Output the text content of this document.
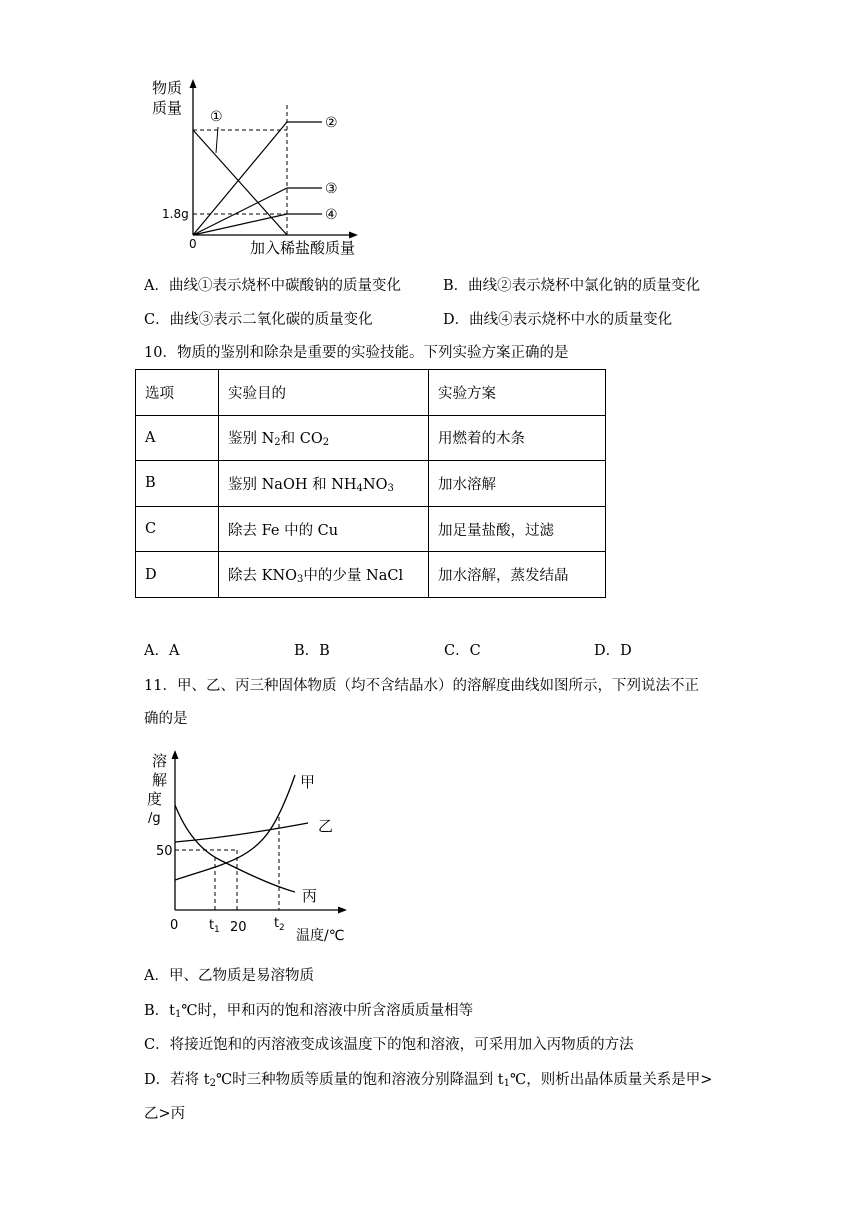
物质
质量
加入稀盐酸质量
0
1.8g
①	②
③
④
A．曲线①表示烧杯中碳酸钠的质量变化	B．曲线②表示烧杯中氯化钠的质量变化
C．曲线③表示二氧化碳的质量变化	D．曲线④表示烧杯中水的质量变化
10．物质的鉴别和除杂是重要的实验技能。下列实验方案正确的是
选项	实验目的	实验方案
A	鉴别 $N_2$和 $CO_2$	用燃着的木条
B	鉴别 NaOH 和 $NH_4NO_3$	加水溶解
C	除去 Fe 中的 Cu	加足量盐酸，过滤
D	除去 $KNO_3$中的少量 NaCl	加水溶解，蒸发结晶
A．A	B．B	C．C	D．D
11．甲、乙、丙三种固体物质（均不含结晶水）的溶解度曲线如图所示，下列说法不正
确的是
溶
解
度
/g
温度/℃
0
50
t 1 20 t 2
甲
乙
丙
A．甲、乙物质是易溶物质
B．$t_1℃$时，甲和丙的饱和溶液中所含溶质质量相等
C．将接近饱和的丙溶液变成该温度下的饱和溶液，可采用加入丙物质的方法
D．若将 $t_2℃$时三种物质等质量的饱和溶液分别降温到 $t_1℃$，则析出晶体质量关系是甲>
乙>丙
